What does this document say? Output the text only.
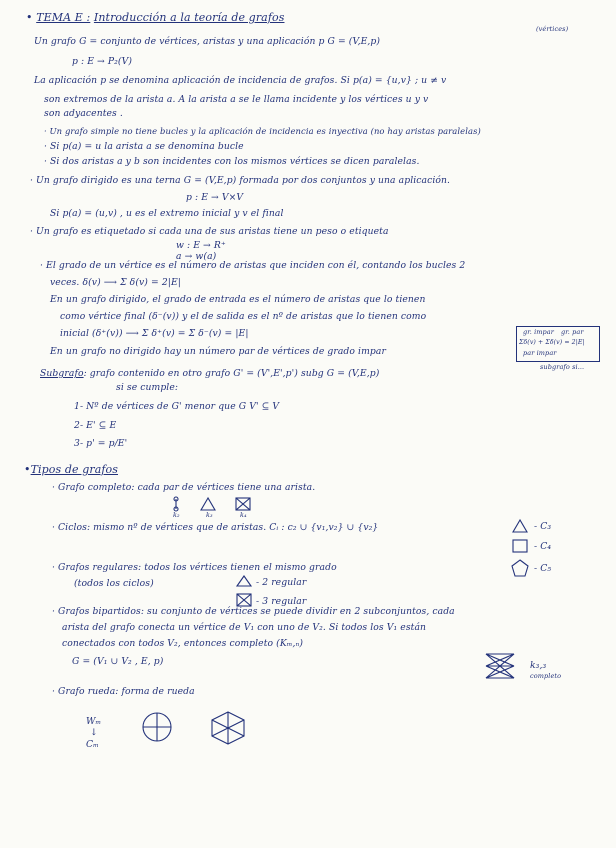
• TEMA E : Introducción a la teoría de grafos
Un grafo G = conjunto de vértices, aristas y una aplicación p G = (V,E,p)
(vértices)
p : E → P₂(V)
La aplicación p se denomina aplicación de incidencia de grafos. Si p(a) = {u,v} ; u ≠ v
son extremos de la arista a. A la arista a se le llama incidente y los vértices u y v
son adyacentes .
· Un grafo simple no tiene bucles y la aplicación de incidencia es inyectiva (no hay aristas paralelas)
· Si p(a) = u la arista a se denomina bucle
· Si dos aristas a y b son incidentes con los mismos vértices se dicen paralelas.
· Un grafo dirigido es una terna G = (V,E,p) formada por dos conjuntos y una aplicación.
p : E → V×V
Si p(a) = (u,v) , u es el extremo inicial y v el final
· Un grafo es etiquetado si cada una de sus aristas tiene un peso o etiqueta
w : E → R⁺
a → w(a)
· El grado de un vértice es el número de aristas que inciden con él, contando los bucles 2
veces. δ(v) ⟶ Σ δ(v) = 2|E|
En un grafo dirigido, el grado de entrada es el número de aristas que lo tienen
como vértice final (δ⁻(v)) y el de salida es el nº de aristas que lo tienen como
inicial (δ⁺(v)) ⟶ Σ δ⁺(v) = Σ δ⁻(v) = |E|
En un grafo no dirigido hay un número par de vértices de grado impar
gr. impar gr. par
Σδ(v) + Σδ(v) = 2|E|
par impar
Subgrafo: grafo contenido en otro grafo G' = (V',E',p') subg G = (V,E,p)
subgrafo si...
si se cumple:
1- Nº de vértices de G' menor que G V' ⊆ V
2- E' ⊆ E
3- p' = p/E'
•Tipos de grafos
· Grafo completo: cada par de vértices tiene una arista.
k₂	k₃	k₄
· Ciclos: mismo nº de vértices que de aristas. Cᵢ : c₂ ∪ {v₁,v₂} ∪ {v₂}	- C₃
- C₄
- C₅
· Grafos regulares: todos los vértices tienen el mismo grado
(todos los ciclos)	- 2 regular
- 3 regular
· Grafos bipartidos: su conjunto de vértices se puede dividir en 2 subconjuntos, cada
arista del grafo conecta un vértice de V₁ con uno de V₂. Si todos los V₁ están
conectados con todos V₂, entonces completo (Kₘ,ₙ)
G = (V₁ ∪ V₂ , E, p)	k₃,₃
completo
· Grafo rueda: forma de rueda
Wₘ
↓
Cₘ
